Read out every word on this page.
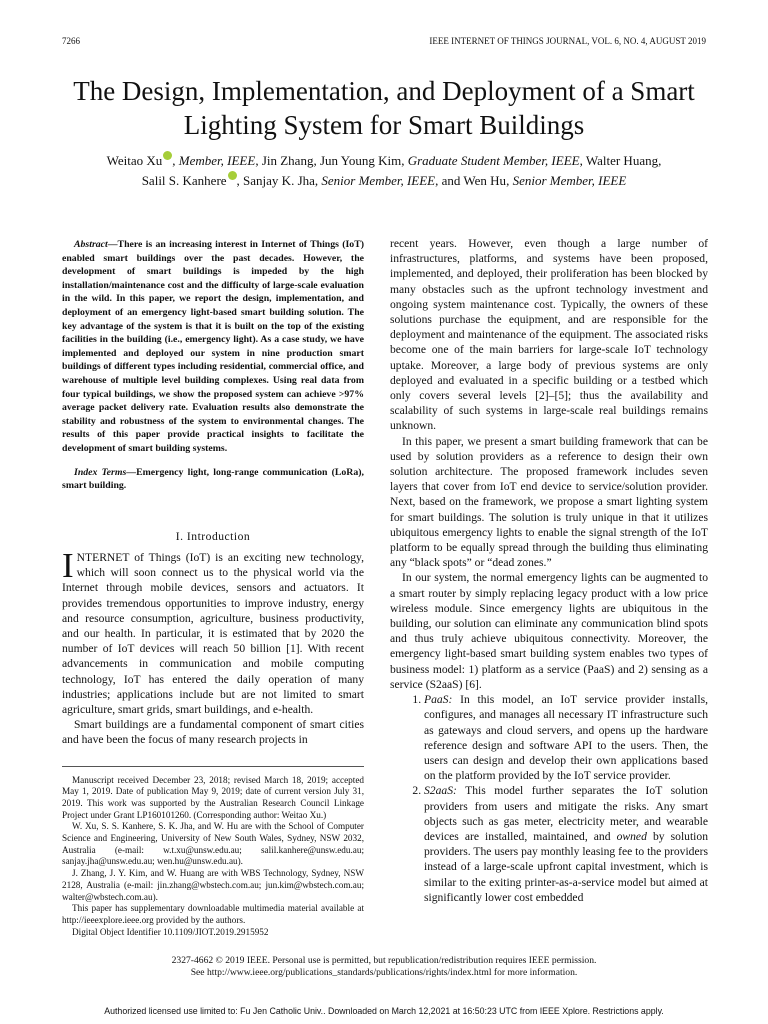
7266	IEEE INTERNET OF THINGS JOURNAL, VOL. 6, NO. 4, AUGUST 2019
The Design, Implementation, and Deployment of a Smart Lighting System for Smart Buildings
Weitao Xu , Member, IEEE, Jin Zhang, Jun Young Kim, Graduate Student Member, IEEE, Walter Huang,
Salil S. Kanhere , Sanjay K. Jha, Senior Member, IEEE, and Wen Hu, Senior Member, IEEE

Abstract—There is an increasing interest in Internet of Things (IoT) enabled smart buildings over the past decades. However, the development of smart buildings is impeded by the high installation/maintenance cost and the difficulty of large-scale evaluation in the wild. In this paper, we report the design, implementation, and deployment of an emergency light-based smart building solution. The key advantage of the system is that it is built on the top of the existing facilities in the building (i.e., emergency light). As a case study, we have implemented and deployed our system in nine production smart buildings of different types including residential, commercial office, and warehouse of multiple level building complexes. Using real data from four typical buildings, we show the proposed system can achieve >97% average packet delivery rate. Evaluation results also demonstrate the stability and robustness of the system to environmental changes. The results of this paper provide practical insights to facilitate the development of smart building systems.

Index Terms—Emergency light, long-range communication (LoRa), smart building.

I. Introduction

INTERNET of Things (IoT) is an exciting new technology, which will soon connect us to the physical world via the Internet through mobile devices, sensors and actuators. It provides tremendous opportunities to improve industry, energy and resource consumption, agriculture, business productivity, and our health. In particular, it is estimated that by 2020 the number of IoT devices will reach 50 billion [1]. With recent advancements in communication and mobile computing technology, IoT has entered the daily operation of many industries; applications include but are not limited to smart agriculture, smart grids, smart buildings, and e-health.

Smart buildings are a fundamental component of smart cities and have been the focus of many research projects in

Manuscript received December 23, 2018; revised March 18, 2019; accepted May 1, 2019. Date of publication May 9, 2019; date of current version July 31, 2019. This work was supported by the Australian Research Council Linkage Project under Grant LP160101260. (Corresponding author: Weitao Xu.)

W. Xu, S. S. Kanhere, S. K. Jha, and W. Hu are with the School of Computer Science and Engineering, University of New South Wales, Sydney, NSW 2032, Australia (e-mail: w.t.xu@unsw.edu.au; salil.kanhere@unsw.edu.au; sanjay.jha@unsw.edu.au; wen.hu@unsw.edu.au).

J. Zhang, J. Y. Kim, and W. Huang are with WBS Technology, Sydney, NSW 2128, Australia (e-mail: jin.zhang@wbstech.com.au; jun.kim@wbstech.com.au; walter@wbstech.com.au).

This paper has supplementary downloadable multimedia material available at http://ieeexplore.ieee.org provided by the authors.

Digital Object Identifier 10.1109/JIOT.2019.2915952

recent years. However, even though a large number of infrastructures, platforms, and systems have been proposed, implemented, and deployed, their proliferation has been blocked by many obstacles such as the upfront technology investment and ongoing system maintenance cost. Typically, the owners of these solutions purchase the equipment, and are responsible for the deployment and maintenance of the equipment. The associated risks become one of the main barriers for large-scale IoT technology uptake. Moreover, a large body of previous systems are only deployed and evaluated in a specific building or a testbed which only covers several levels [2]–[5]; thus the availability and scalability of such systems in large-scale real buildings remains unknown.

In this paper, we present a smart building framework that can be used by solution providers as a reference to design their own solution architecture. The proposed framework includes seven layers that cover from IoT end device to service/solution provider. Next, based on the framework, we propose a smart lighting system for smart buildings. The solution is truly unique in that it utilizes ubiquitous emergency lights to enable the signal strength of the IoT platform to be equally spread through the building thus eliminating any “black spots” or “dead zones.”

In our system, the normal emergency lights can be augmented to a smart router by simply replacing legacy product with a low price wireless module. Since emergency lights are ubiquitous in the building, our solution can eliminate any communication blind spots and thus truly achieve ubiquitous connectivity. Moreover, the emergency light-based smart building system enables two types of business model: 1) platform as a service (PaaS) and 2) sensing as a service (S2aaS) [6].

1. PaaS: In this model, an IoT service provider installs, configures, and manages all necessary IT infrastructure such as gateways and cloud servers, and opens up the hardware reference design and software API to the users. Then, the users can design and develop their own applications based on the platform provided by the IoT service provider.
2. S2aaS: This model further separates the IoT solution providers from users and mitigate the risks. Any smart objects such as gas meter, electricity meter, and wearable devices are installed, maintained, and owned by solution providers. The users pay monthly leasing fee to the providers instead of a large-scale upfront capital investment, which is similar to the exiting printer-as-a-service model but aimed at significantly lower cost embedded
2327-4662 © 2019 IEEE. Personal use is permitted, but republication/redistribution requires IEEE permission.
See http://www.ieee.org/publications_standards/publications/rights/index.html for more information.
Authorized licensed use limited to: Fu Jen Catholic Univ.. Downloaded on March 12,2021 at 16:50:23 UTC from IEEE Xplore. Restrictions apply.
